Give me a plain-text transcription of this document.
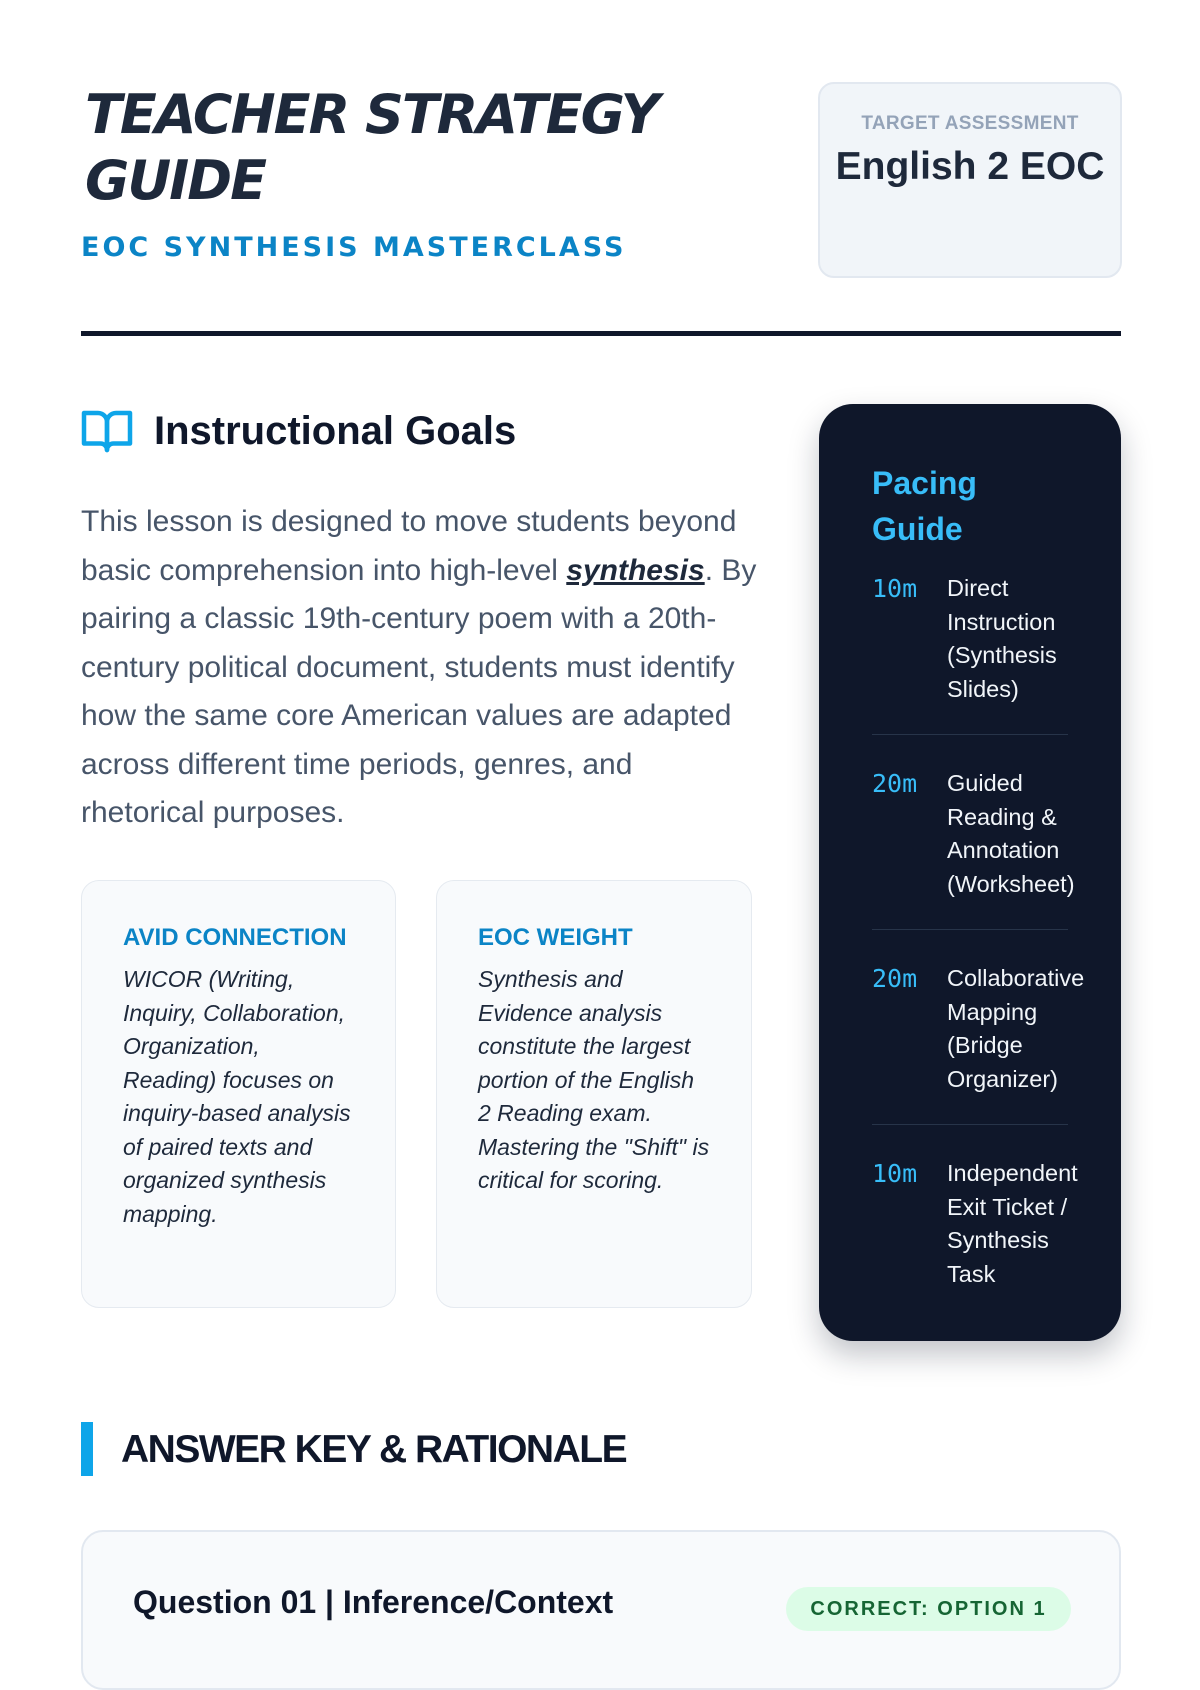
TEACHER STRATEGY GUIDE
EOC SYNTHESIS MASTERCLASS
TARGET ASSESSMENT
English 2 EOC
Instructional Goals

This lesson is designed to move students beyond basic comprehension into high-level synthesis. By pairing a classic 19th-century poem with a 20th-century political document, students must identify how the same core American values are adapted across different time periods, genres, and rhetorical purposes.

AVID CONNECTION

WICOR (Writing, Inquiry, Collaboration, Organization, Reading) focuses on inquiry-based analysis of paired texts and organized synthesis mapping.

EOC WEIGHT

Synthesis and Evidence analysis constitute the largest portion of the English 2 Reading exam. Mastering the "Shift" is critical for scoring.

Pacing Guide
10m	Direct
Instruction
(Synthesis
Slides)
20m	Guided
Reading &
Annotation
(Worksheet)
20m	Collaborative
Mapping
(Bridge
Organizer)
10m	Independent
Exit Ticket /
Synthesis
Task
ANSWER KEY & RATIONALE
Question 01 | Inference/Context	CORRECT: OPTION 1
